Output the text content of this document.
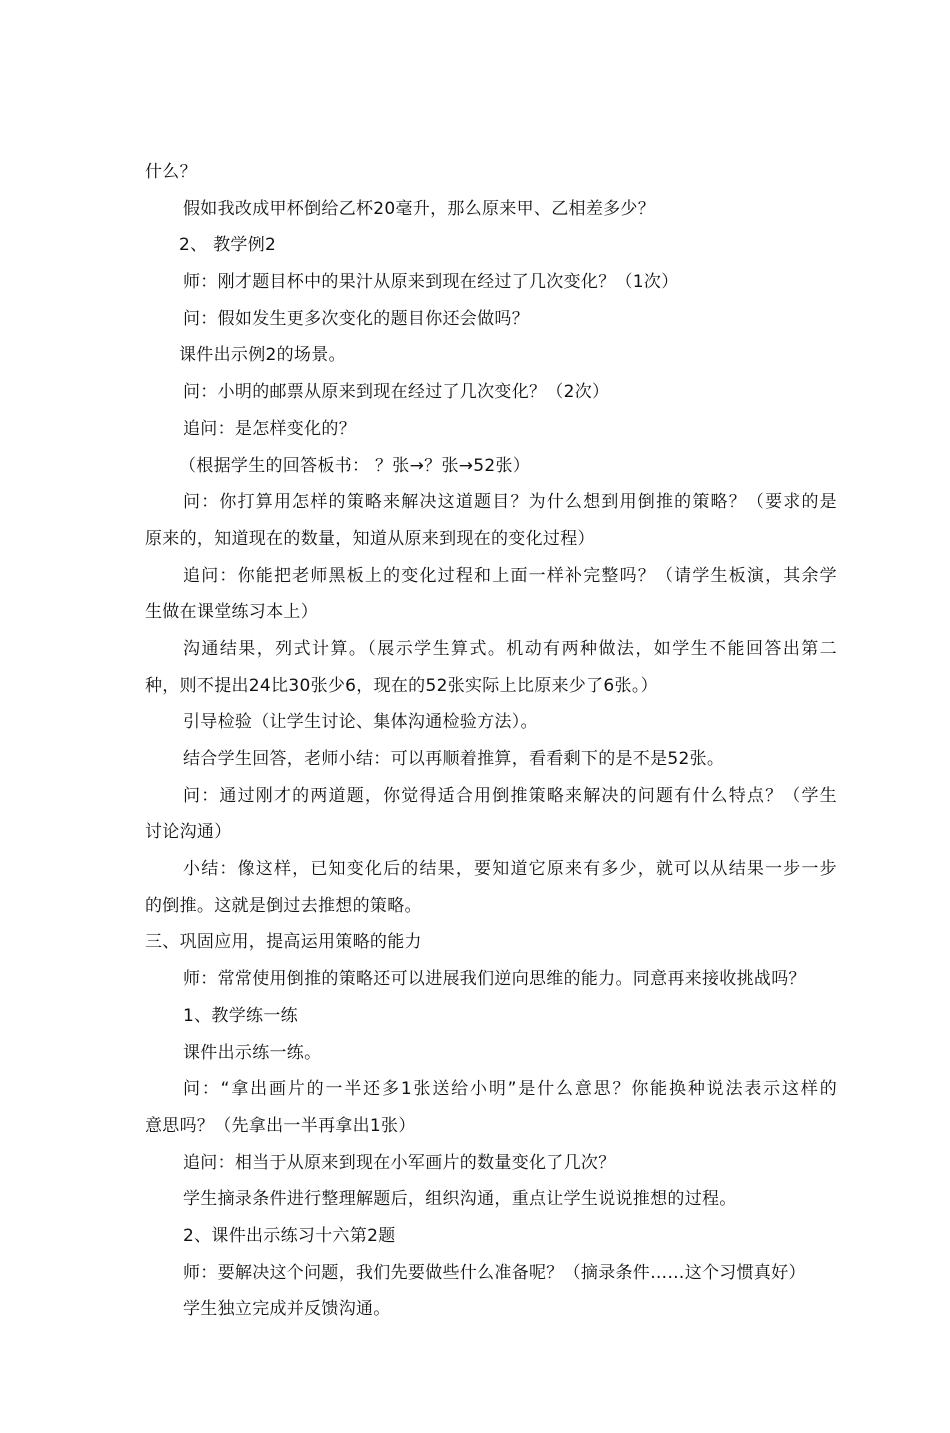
什么？
假如我改成甲杯倒给乙杯20毫升，那么原来甲、乙相差多少？
2、 教学例2
师：刚才题目杯中的果汁从原来到现在经过了几次变化？（1次）
问：假如发生更多次变化的题目你还会做吗？
课件出示例2的场景。
问：小明的邮票从原来到现在经过了几次变化？（2次）
追问：是怎样变化的？
（根据学生的回答板书： ？张→？张→52张）
问：你打算用怎样的策略来解决这道题目？为什么想到用倒推的策略？（要求的是
原来的，知道现在的数量，知道从原来到现在的变化过程）
追问：你能把老师黑板上的变化过程和上面一样补完整吗？（请学生板演，其余学
生做在课堂练习本上）
沟通结果，列式计算。（展示学生算式。机动有两种做法，如学生不能回答出第二
种，则不提出24比30张少6，现在的52张实际上比原来少了6张。）
引导检验（让学生讨论、集体沟通检验方法）。
结合学生回答，老师小结：可以再顺着推算，看看剩下的是不是52张。
问：通过刚才的两道题，你觉得适合用倒推策略来解决的问题有什么特点？（学生
讨论沟通）
小结：像这样，已知变化后的结果，要知道它原来有多少，就可以从结果一步一步
的倒推。这就是倒过去推想的策略。
三、巩固应用，提高运用策略的能力
师：常常使用倒推的策略还可以进展我们逆向思维的能力。同意再来接收挑战吗？
1、教学练一练
课件出示练一练。
问：“拿出画片的一半还多1张送给小明”是什么意思？你能换种说法表示这样的
意思吗？（先拿出一半再拿出1张）
追问：相当于从原来到现在小军画片的数量变化了几次？
学生摘录条件进行整理解题后，组织沟通，重点让学生说说推想的过程。
2、课件出示练习十六第2题
师：要解决这个问题，我们先要做些什么准备呢？（摘录条件……这个习惯真好）
学生独立完成并反馈沟通。
